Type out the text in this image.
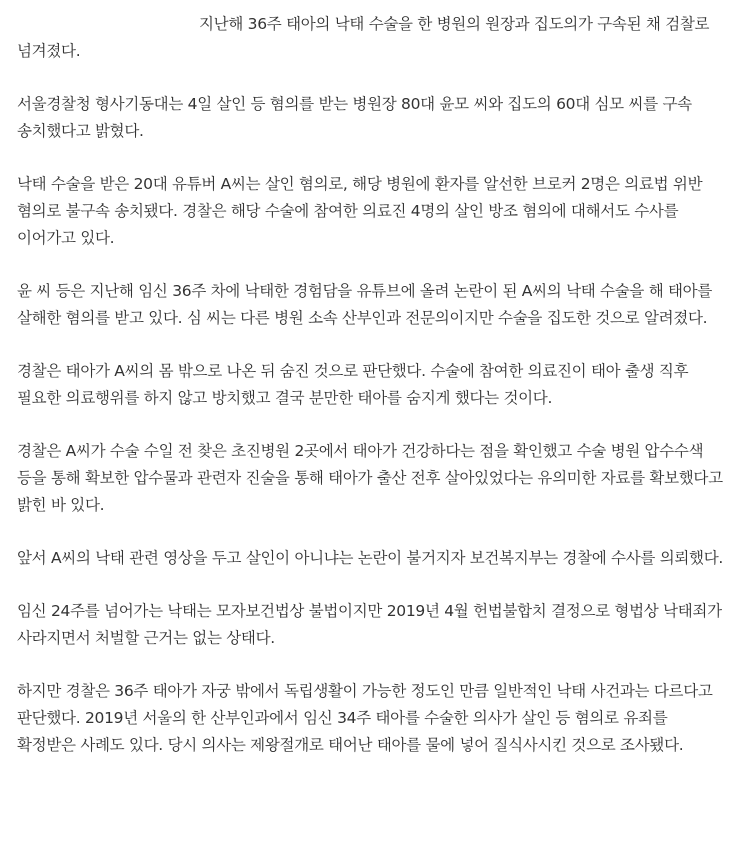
지난해 36주 태아의 낙태 수술을 한 병원의 원장과 집도의가 구속된 채 검찰로 넘겨졌다.

서울경찰청 형사기동대는 4일 살인 등 혐의를 받는 병원장 80대 윤모 씨와 집도의 60대 심모 씨를 구속 송치했다고 밝혔다.

낙태 수술을 받은 20대 유튜버 A씨는 살인 혐의로, 해당 병원에 환자를 알선한 브로커 2명은 의료법 위반 혐의로 불구속 송치됐다. 경찰은 해당 수술에 참여한 의료진 4명의 살인 방조 혐의에 대해서도 수사를 이어가고 있다.

윤 씨 등은 지난해 임신 36주 차에 낙태한 경험담을 유튜브에 올려 논란이 된 A씨의 낙태 수술을 해 태아를 살해한 혐의를 받고 있다. 심 씨는 다른 병원 소속 산부인과 전문의이지만 수술을 집도한 것으로 알려졌다.

경찰은 태아가 A씨의 몸 밖으로 나온 뒤 숨진 것으로 판단했다. 수술에 참여한 의료진이 태아 출생 직후 필요한 의료행위를 하지 않고 방치했고 결국 분만한 태아를 숨지게 했다는 것이다.

경찰은 A씨가 수술 수일 전 찾은 초진병원 2곳에서 태아가 건강하다는 점을 확인했고 수술 병원 압수수색 등을 통해 확보한 압수물과 관련자 진술을 통해 태아가 출산 전후 살아있었다는 유의미한 자료를 확보했다고 밝힌 바 있다.

앞서 A씨의 낙태 관련 영상을 두고 살인이 아니냐는 논란이 불거지자 보건복지부는 경찰에 수사를 의뢰했다.

임신 24주를 넘어가는 낙태는 모자보건법상 불법이지만 2019년 4월 헌법불합치 결정으로 형법상 낙태죄가 사라지면서 처벌할 근거는 없는 상태다.

하지만 경찰은 36주 태아가 자궁 밖에서 독립생활이 가능한 정도인 만큼 일반적인 낙태 사건과는 다르다고 판단했다. 2019년 서울의 한 산부인과에서 임신 34주 태아를 수술한 의사가 살인 등 혐의로 유죄를 확정받은 사례도 있다. 당시 의사는 제왕절개로 태어난 태아를 물에 넣어 질식사시킨 것으로 조사됐다.
